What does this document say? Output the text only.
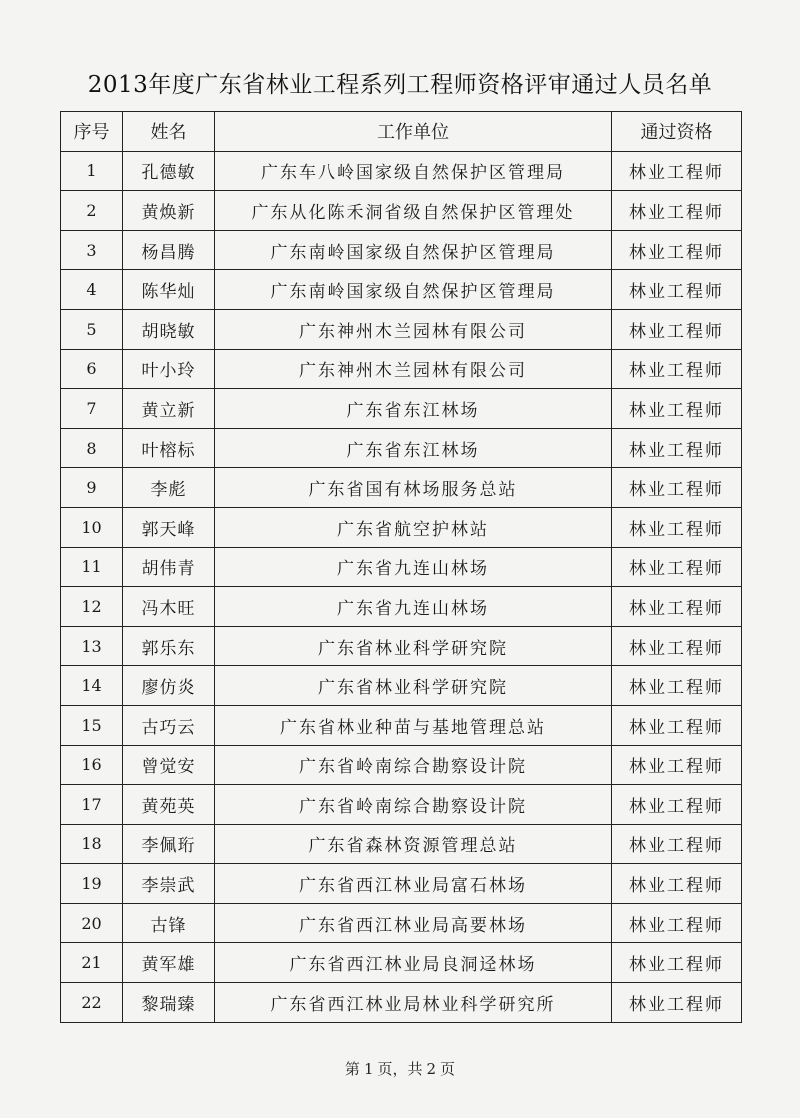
2013年度广东省林业工程系列工程师资格评审通过人员名单
序号	姓名	工作单位	通过资格
1	孔德敏	广东车八岭国家级自然保护区管理局	林业工程师
2	黄焕新	广东从化陈禾洞省级自然保护区管理处	林业工程师
3	杨昌腾	广东南岭国家级自然保护区管理局	林业工程师
4	陈华灿	广东南岭国家级自然保护区管理局	林业工程师
5	胡晓敏	广东神州木兰园林有限公司	林业工程师
6	叶小玲	广东神州木兰园林有限公司	林业工程师
7	黄立新	广东省东江林场	林业工程师
8	叶榕标	广东省东江林场	林业工程师
9	李彪	广东省国有林场服务总站	林业工程师
10	郭天峰	广东省航空护林站	林业工程师
11	胡伟青	广东省九连山林场	林业工程师
12	冯木旺	广东省九连山林场	林业工程师
13	郭乐东	广东省林业科学研究院	林业工程师
14	廖仿炎	广东省林业科学研究院	林业工程师
15	古巧云	广东省林业种苗与基地管理总站	林业工程师
16	曾觉安	广东省岭南综合勘察设计院	林业工程师
17	黄苑英	广东省岭南综合勘察设计院	林业工程师
18	李佩珩	广东省森林资源管理总站	林业工程师
19	李崇武	广东省西江林业局富石林场	林业工程师
20	古锋	广东省西江林业局高要林场	林业工程师
21	黄军雄	广东省西江林业局良洞迳林场	林业工程师
22	黎瑞臻	广东省西江林业局林业科学研究所	林业工程师
第 1 页，共 2 页
